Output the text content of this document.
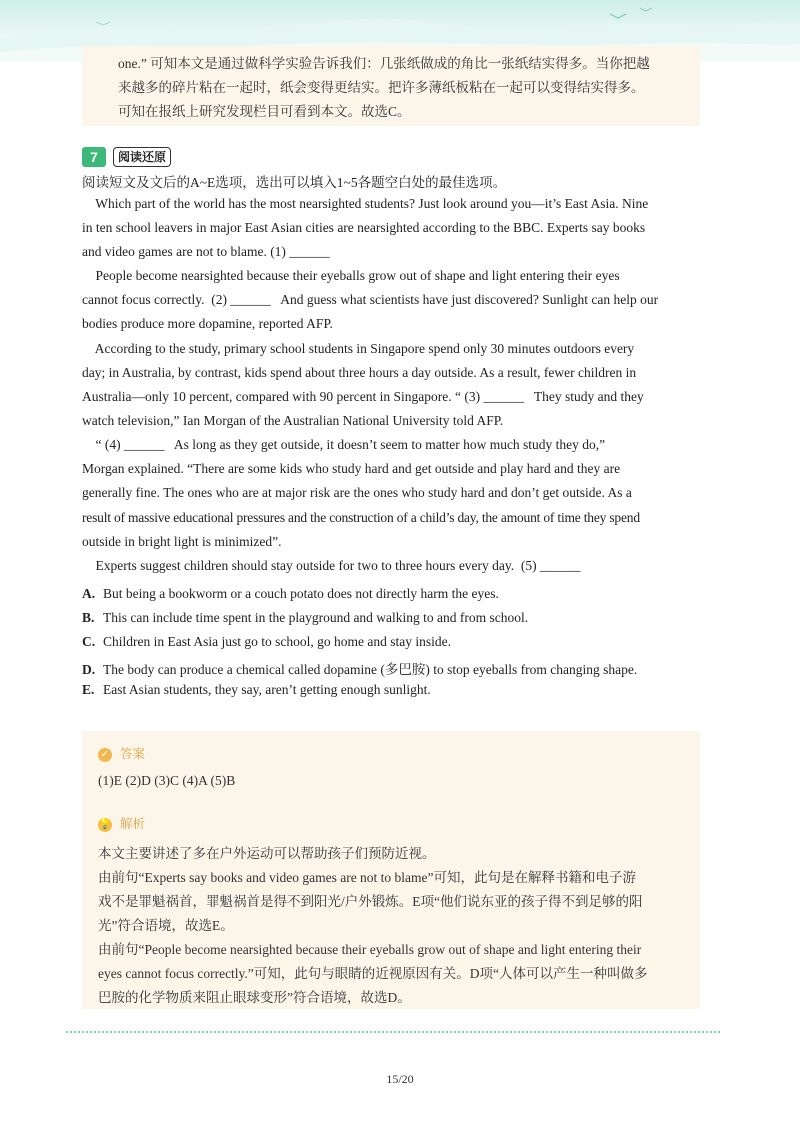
one.” 可知本文是通过做科学实验告诉我们：几张纸做成的角比一张纸结实得多。当你把越

来越多的碎片粘在一起时，纸会变得更结实。把许多薄纸板粘在一起可以变得结实得多。

可知在报纸上研究发现栏目可看到本文。故选C。

7	阅读还原
阅读短文及文后的A~E选项，选出可以填入1~5各题空白处的最佳选项。
Which part of the world has the most nearsighted students? Just look around you—it’s East Asia. Nine
in ten school leavers in major East Asian cities are nearsighted according to the BBC. Experts say books
and video games are not to blame. (1) ______
People become nearsighted because their eyeballs grow out of shape and light entering their eyes
cannot focus correctly.  (2) ______   And guess what scientists have just discovered? Sunlight can help our
bodies produce more dopamine, reported AFP.
According to the study, primary school students in Singapore spend only 30 minutes outdoors every
day; in Australia, by contrast, kids spend about three hours a day outside. As a result, fewer children in
Australia—only 10 percent, compared with 90 percent in Singapore. “ (3) ______   They study and they
watch television,” Ian Morgan of the Australian National University told AFP.
“ (4) ______   As long as they get outside, it doesn’t seem to matter how much study they do,”
Morgan explained. “There are some kids who study hard and get outside and play hard and they are
generally fine. The ones who are at major risk are the ones who study hard and don’t get outside. As a
result of massive educational pressures and the construction of a child’s day, the amount of time they spend
outside in bright light is minimized”.
Experts suggest children should stay outside for two to three hours every day.  (5) ______
A. But being a bookworm or a couch potato does not directly harm the eyes.
B. This can include time spent in the playground and walking to and from school.
C. Children in East Asia just go to school, go home and stay inside.
D. The body can produce a chemical called dopamine (多巴胺) to stop eyeballs from changing shape.
E. East Asian students, they say, aren’t getting enough sunlight.
✓ 答案
(1)E (2)D (3)C (4)A (5)B
💡 解析
本文主要讲述了多在户外运动可以帮助孩子们预防近视。
由前句“Experts say books and video games are not to blame”可知，此句是在解释书籍和电子游
戏不是罪魁祸首，罪魁祸首是得不到阳光/户外锻炼。E项“他们说东亚的孩子得不到足够的阳
光”符合语境，故选E。
由前句“People become nearsighted because their eyeballs grow out of shape and light entering their
eyes cannot focus correctly.”可知，此句与眼睛的近视原因有关。D项“人体可以产生一种叫做多
巴胺的化学物质来阻止眼球变形”符合语境，故选D。
15/20
